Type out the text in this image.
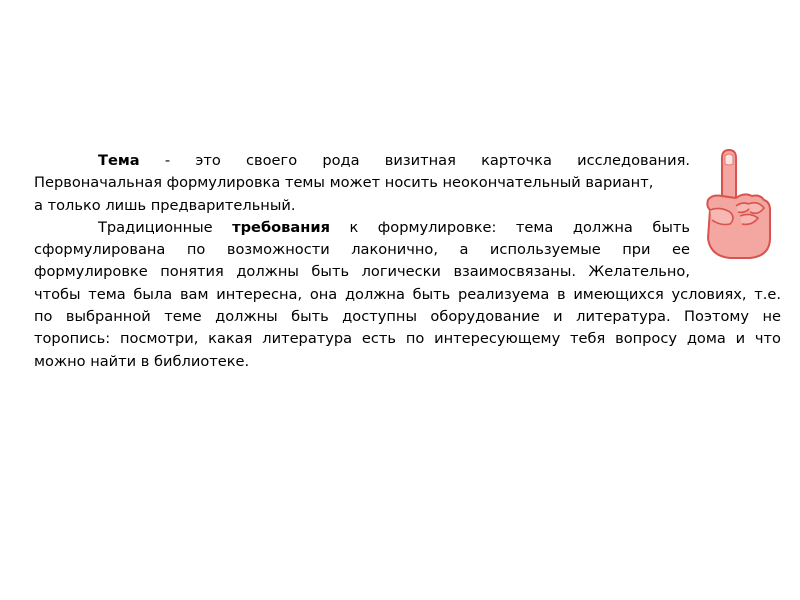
Тема - это своего рода визитная карточка исследования.
Первоначальная формулировка темы может носить неокончательный вариант,
а только лишь предварительный.
Традиционные требования к формулировке: тема должна быть
сформулирована по возможности лаконично, а используемые при ее
формулировке понятия должны быть логически взаимосвязаны. Желательно,
чтобы тема была вам интересна, она должна быть реализуема в имеющихся условиях, т.е.
по выбранной теме должны быть доступны оборудование и литература. Поэтому не
торопись: посмотри, какая литература есть по интересующему тебя вопросу дома и что
можно найти в библиотеке.
